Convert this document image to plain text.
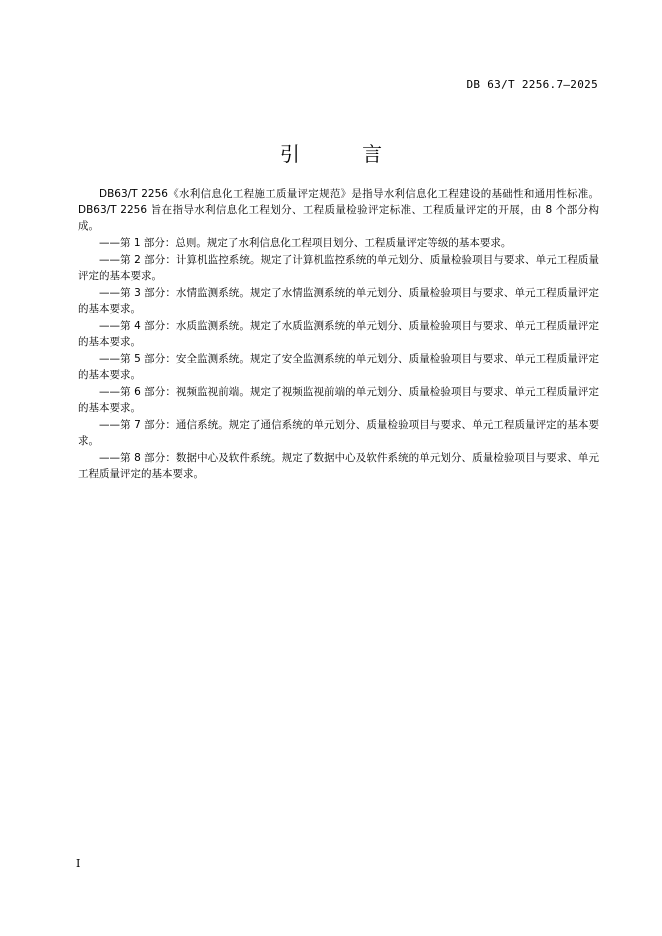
DB 63/T 2256.7—2025
引 言

DB63/T 2256《水利信息化工程施工质量评定规范》是指导水利信息化工程建设的基础性和通用性标准。DB63/T 2256 旨在指导水利信息化工程划分、工程质量检验评定标准、工程质量评定的开展，由 8 个部分构成。

——第 1 部分：总则。规定了水利信息化工程项目划分、工程质量评定等级的基本要求。

——第 2 部分：计算机监控系统。规定了计算机监控系统的单元划分、质量检验项目与要求、单元工程质量评定的基本要求。

——第 3 部分：水情监测系统。规定了水情监测系统的单元划分、质量检验项目与要求、单元工程质量评定的基本要求。

——第 4 部分：水质监测系统。规定了水质监测系统的单元划分、质量检验项目与要求、单元工程质量评定的基本要求。

——第 5 部分：安全监测系统。规定了安全监测系统的单元划分、质量检验项目与要求、单元工程质量评定的基本要求。

——第 6 部分：视频监视前端。规定了视频监视前端的单元划分、质量检验项目与要求、单元工程质量评定的基本要求。

——第 7 部分：通信系统。规定了通信系统的单元划分、质量检验项目与要求、单元工程质量评定的基本要求。

——第 8 部分：数据中心及软件系统。规定了数据中心及软件系统的单元划分、质量检验项目与要求、单元工程质量评定的基本要求。

I
